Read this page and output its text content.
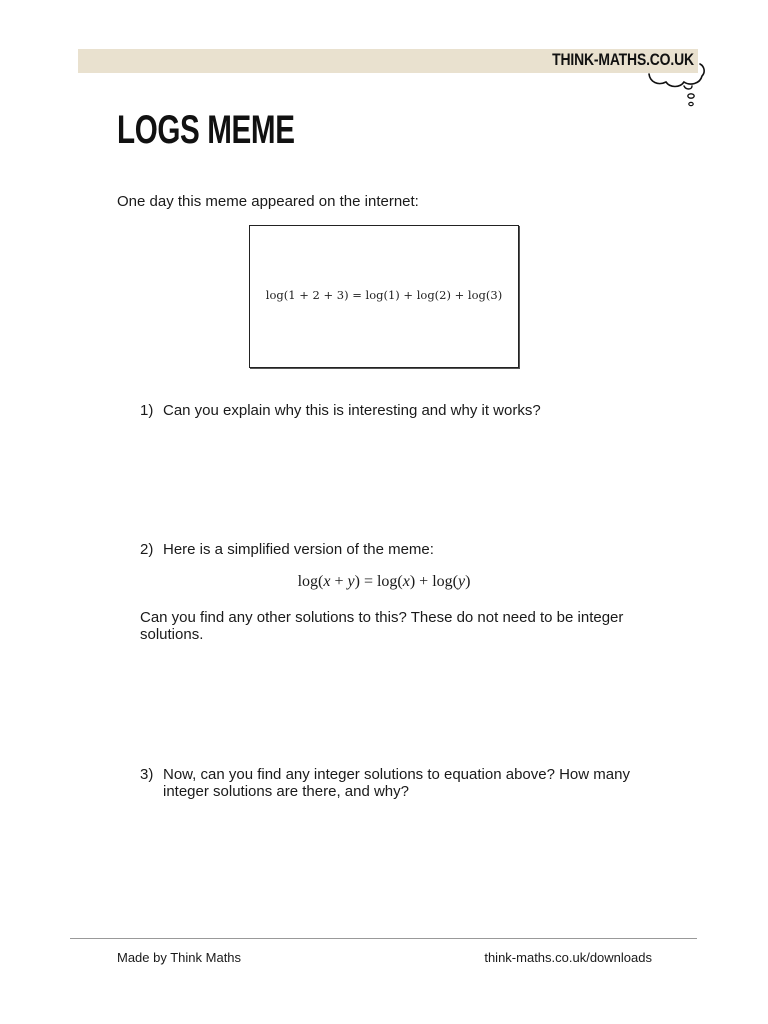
THINK-MATHS.CO.UK
LOGS MEME
One day this meme appeared on the internet:
log(1 + 2 + 3) = log(1) + log(2) + log(3)
1) Can you explain why this is interesting and why it works?
2) Here is a simplified version of the meme:
log(x + y) = log(x) + log(y)
Can you find any other solutions to this? These do not need to be integer solutions.
3) Now, can you find any integer solutions to equation above? How many integer solutions are there, and why?
Made by Think Maths	think-maths.co.uk/downloads
